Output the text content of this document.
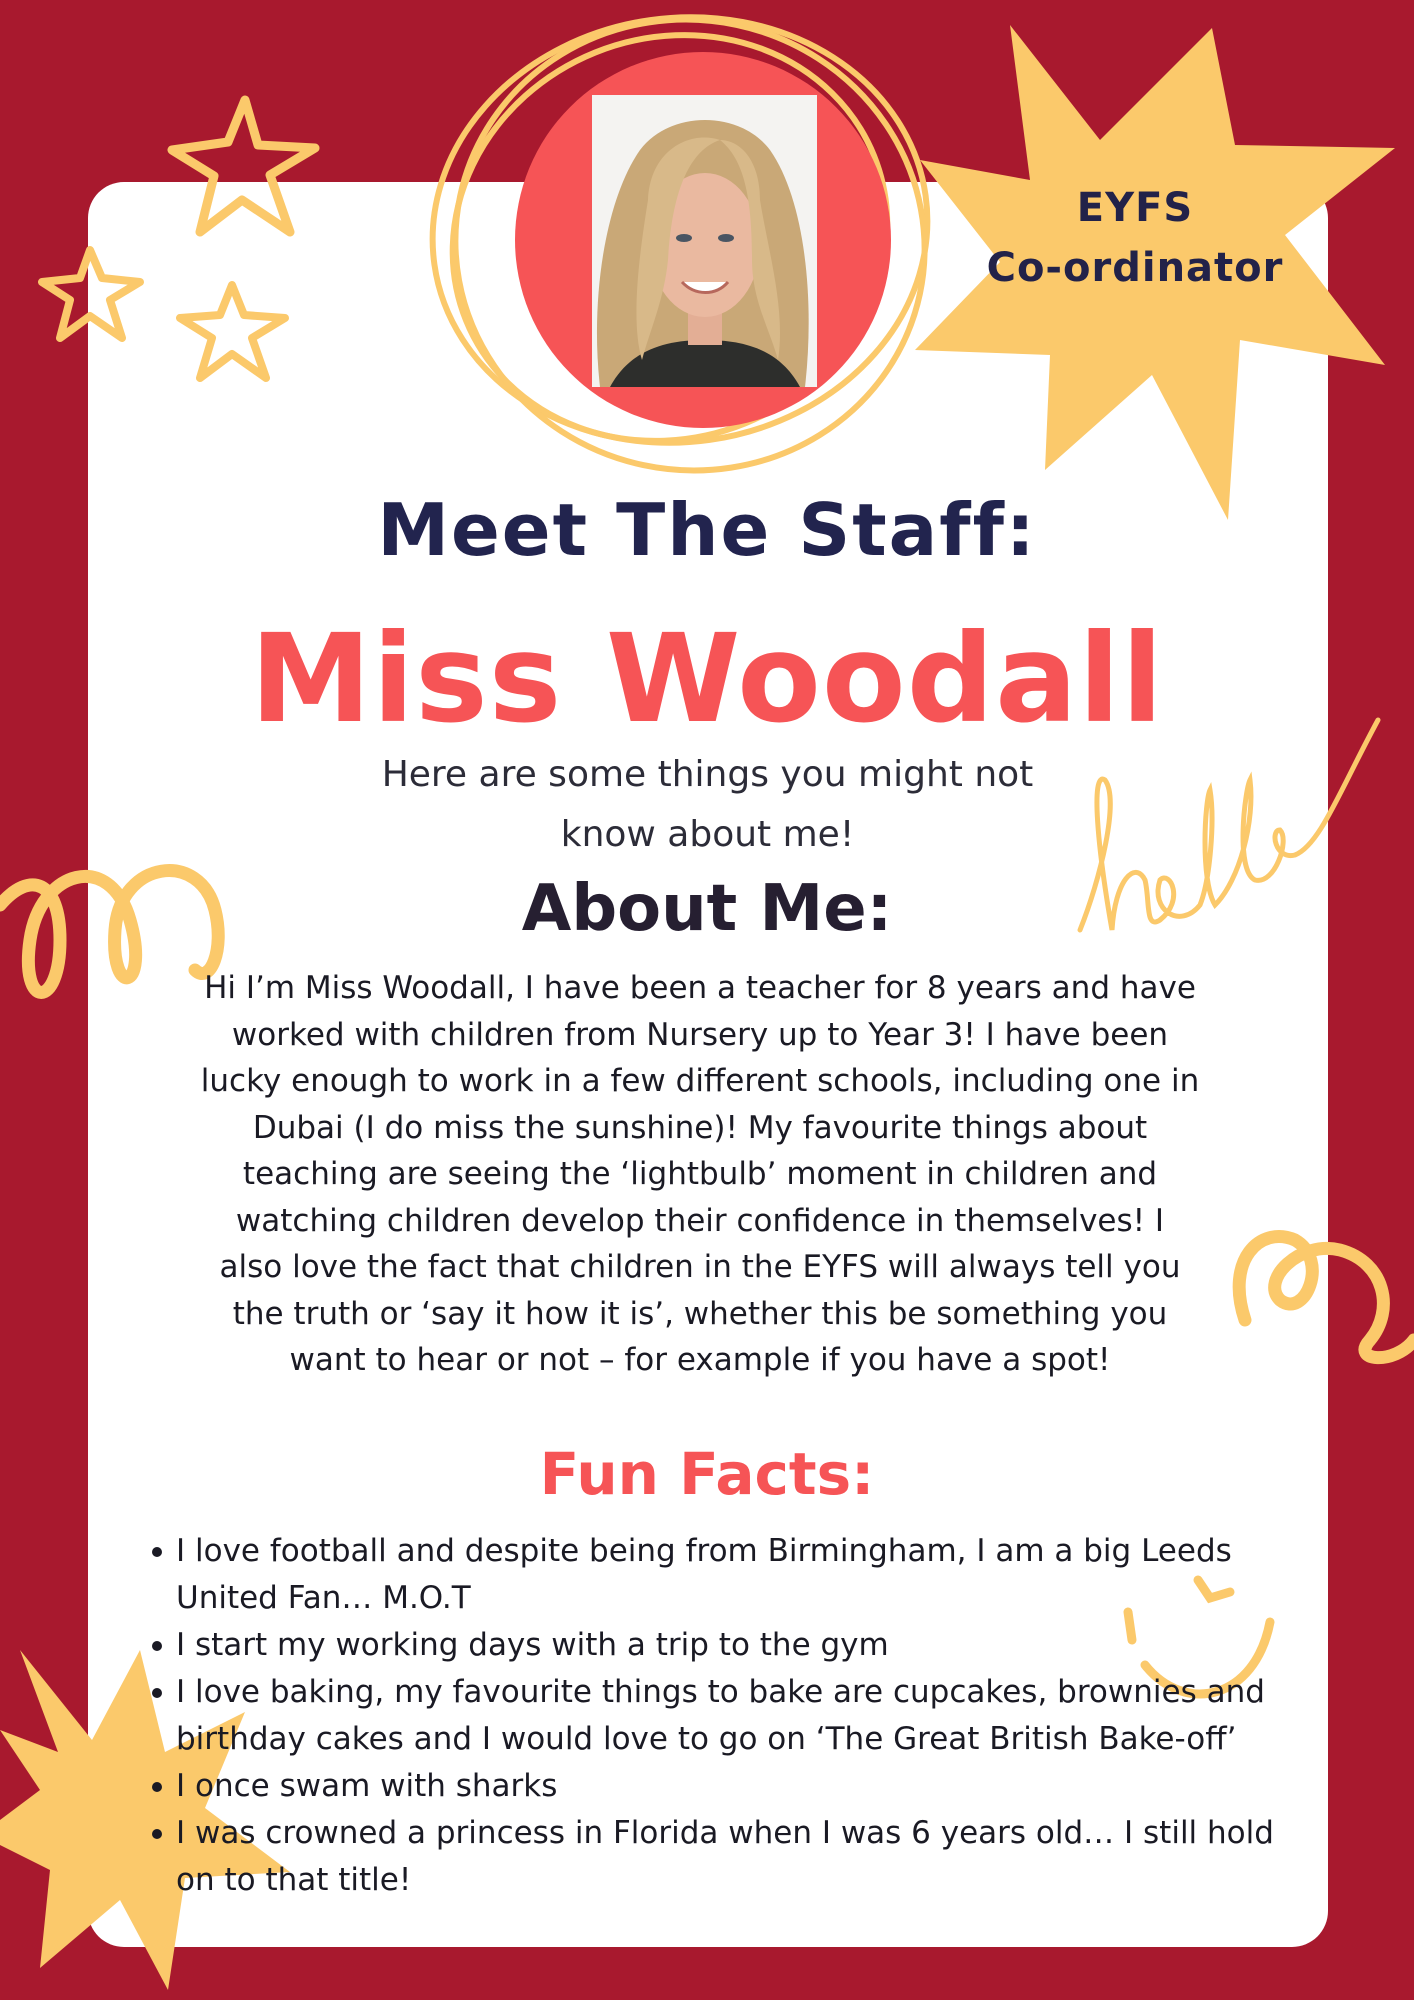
EYFS
Co-ordinator
Meet The Staff:
Miss Woodall

Here are some things you might not know about me!

About Me:

Hi I’m Miss Woodall, I have been a teacher for 8 years and have worked with children from Nursery up to Year 3! I have been lucky enough to work in a few different schools, including one in Dubai (I do miss the sunshine)! My favourite things about teaching are seeing the ‘lightbulb’ moment in children and watching children develop their confidence in themselves! I also love the fact that children in the EYFS will always tell you the truth or ‘say it how it is’, whether this be something you want to hear or not – for example if you have a spot!

Fun Facts:
I love football and despite being from Birmingham, I am a big Leeds United Fan… M.O.T
I start my working days with a trip to the gym
I love baking, my favourite things to bake are cupcakes, brownies and birthday cakes and I would love to go on ‘The Great British Bake-off’
I once swam with sharks
I was crowned a princess in Florida when I was 6 years old… I still hold on to that title!
